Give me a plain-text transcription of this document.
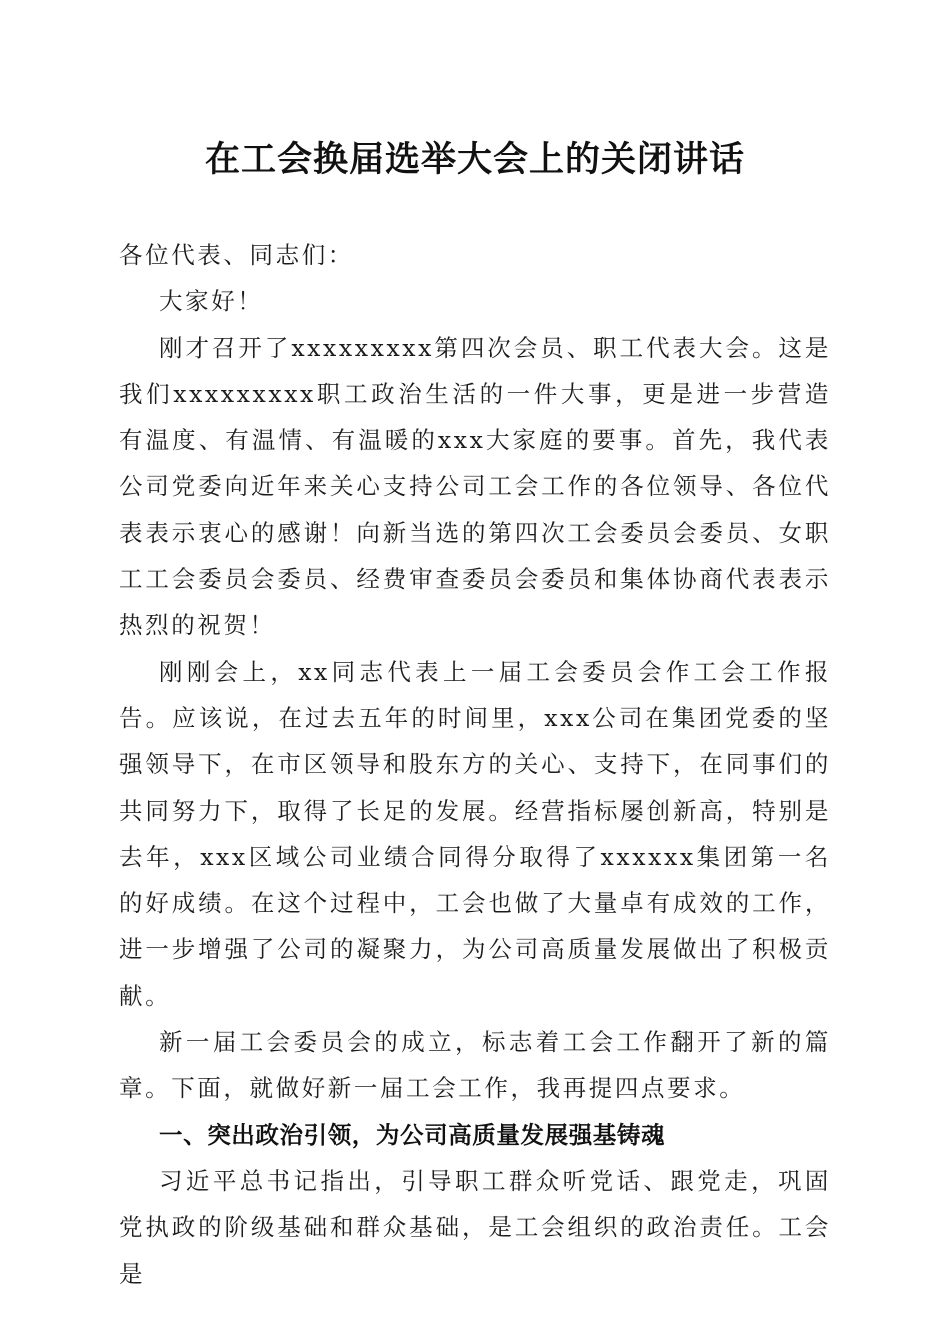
在工会换届选举大会上的关闭讲话

各位代表、同志们：

大家好！

刚才召开了xxxxxxxxx第四次会员、职工代表大会。这是我们xxxxxxxxx职工政治生活的一件大事，更是进一步营造有温度、有温情、有温暖的xxx大家庭的要事。首先，我代表公司党委向近年来关心支持公司工会工作的各位领导、各位代表表示衷心的感谢！向新当选的第四次工会委员会委员、女职工工会委员会委员、经费审查委员会委员和集体协商代表表示热烈的祝贺！

刚刚会上，xx同志代表上一届工会委员会作工会工作报告。应该说，在过去五年的时间里，xxx公司在集团党委的坚强领导下，在市区领导和股东方的关心、支持下，在同事们的共同努力下，取得了长足的发展。经营指标屡创新高，特别是去年，xxx区域公司业绩合同得分取得了xxxxxx集团第一名的好成绩。在这个过程中，工会也做了大量卓有成效的工作，进一步增强了公司的凝聚力，为公司高质量发展做出了积极贡献。

新一届工会委员会的成立，标志着工会工作翻开了新的篇章。下面，就做好新一届工会工作，我再提四点要求。

一、突出政治引领，为公司高质量发展强基铸魂

习近平总书记指出，引导职工群众听党话、跟党走，巩固党执政的阶级基础和群众基础，是工会组织的政治责任。工会是
